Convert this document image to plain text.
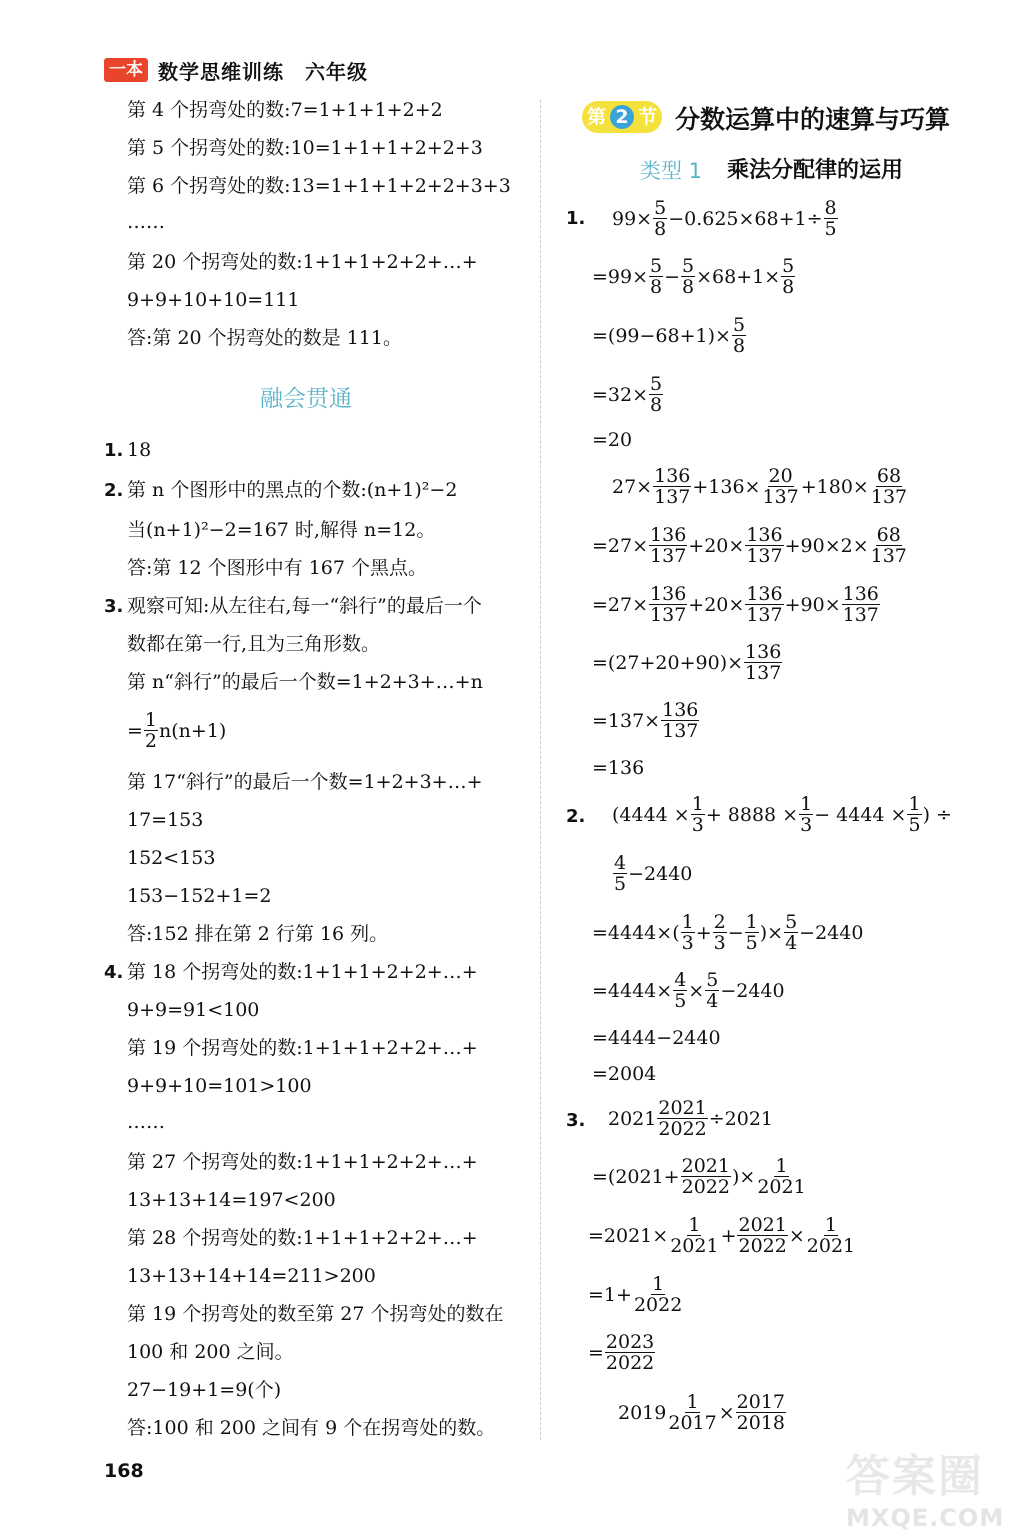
一本 数学思维训练　六年级
第 4 个拐弯处的数:7=1+1+1+2+2
第 5 个拐弯处的数:10=1+1+1+2+2+3
第 6 个拐弯处的数:13=1+1+1+2+2+3+3
……
第 20 个拐弯处的数:1+1+1+2+2+…+
9+9+10+10=111
答:第 20 个拐弯处的数是 111。
融会贯通
1. 18
2. 第 n 个图形中的黑点的个数:(n+1)²−2
当(n+1)²−2=167 时,解得 n=12。
答:第 12 个图形中有 167 个黑点。
3. 观察可知:从左往右,每一“斜行”的最后一个
数都在第一行,且为三角形数。
第 n“斜行”的最后一个数=1+2+3+…+n
= $\frac{1}{2} n(n+1)$
第 17“斜行”的最后一个数=1+2+3+…+
17=153
152<153
153−152+1=2
答:152 排在第 2 行第 16 列。
4. 第 18 个拐弯处的数:1+1+1+2+2+…+
9+9=91<100
第 19 个拐弯处的数:1+1+1+2+2+…+
9+9+10=101>100
……
第 27 个拐弯处的数:1+1+1+2+2+…+
13+13+14=197<200
第 28 个拐弯处的数:1+1+1+2+2+…+
13+13+14+14=211>200
第 19 个拐弯处的数至第 27 个拐弯处的数在
100 和 200 之间。
27−19+1=9(个)
答:100 和 200 之间有 9 个在拐弯处的数。
第 2 节 分数运算中的速算与巧算
类型 1 乘法分配律的运用
1. $99\times \frac{5}{8} -0.625\times 68+1\div \frac{8}{5}$
$=99\times \frac{5}{8} - \frac{5}{8} \times 68+1\times \frac{5}{8}$
$=(99-68+1)\times \frac{5}{8}$
$=32\times \frac{5}{8}$
=20
$27\times \frac{136}{137} +136\times \frac{20}{137} +180\times \frac{68}{137}$
$=27\times \frac{136}{137} +20\times \frac{136}{137} +90\times 2\times \frac{68}{137}$
$=27\times \frac{136}{137} +20\times \frac{136}{137} +90\times \frac{136}{137}$
$=(27+20+90)\times \frac{136}{137}$
$=137\times \frac{136}{137}$
=136
2. ($4444 \times \frac{1}{3} + 8888 \times \frac{1}{3} - 4444 \times \frac{1}{5}$ ) ÷
4
5 −2440
=4444×( 1
$3 + \frac{2}{3} - \frac{1}{5}$ )× $\frac{5}{4} -2440$
$=4444\times \frac{4}{5} \times \frac{5}{4} -2440$
=4444−2440
=2004
3. $2021 \frac{2021}{2022} \div 2021$
$=(2021+ \frac{2021}{2022}$ )× $\frac{1}{2021}$
$=2021\times \frac{1}{2021} + \frac{2021}{2022} \times \frac{1}{2021}$
$=1+ \frac{1}{2022}$
= $\frac{2023}{2022}$
$2019 \frac{1}{2017} \times \frac{2017}{2018}$
168	答案圈
MXQE.COM
